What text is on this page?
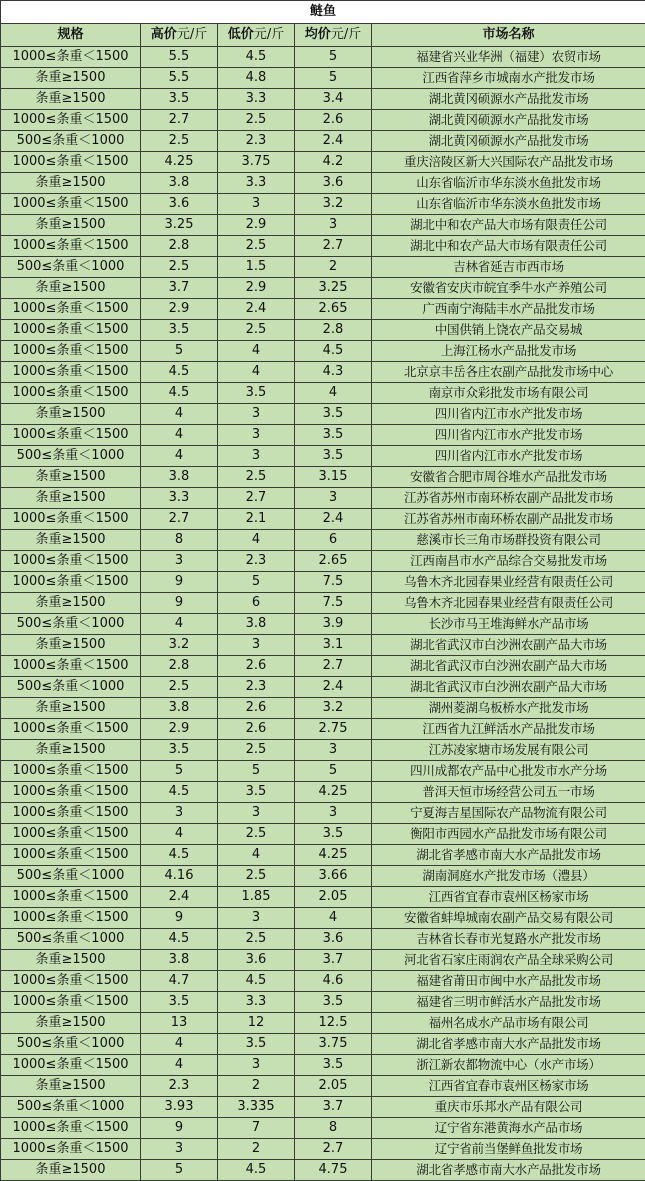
鲢鱼				
规格	高价元/斤	低价元/斤	均价元/斤	市场名称
1000≤条重＜1500	5.5	4.5	5	福建省兴业华洲（福建）农贸市场
条重≥1500	5.5	4.8	5	江西省萍乡市城南水产批发市场
条重≥1500	3.5	3.3	3.4	湖北黄冈硕源水产品批发市场
1000≤条重＜1500	2.7	2.5	2.6	湖北黄冈硕源水产品批发市场
500≤条重＜1000	2.5	2.3	2.4	湖北黄冈硕源水产品批发市场
1000≤条重＜1500	4.25	3.75	4.2	重庆涪陵区新大兴国际农产品批发市场
条重≥1500	3.8	3.3	3.6	山东省临沂市华东淡水鱼批发市场
1000≤条重＜1500	3.6	3	3.2	山东省临沂市华东淡水鱼批发市场
条重≥1500	3.25	2.9	3	湖北中和农产品大市场有限责任公司
1000≤条重＜1500	2.8	2.5	2.7	湖北中和农产品大市场有限责任公司
500≤条重＜1000	2.5	1.5	2	吉林省延吉市西市场
条重≥1500	3.7	2.9	3.25	安徽省安庆市皖宜季牛水产养殖公司
1000≤条重＜1500	2.9	2.4	2.65	广西南宁海陆丰水产品批发市场
1000≤条重＜1500	3.5	2.5	2.8	中国供销上饶农产品交易城
1000≤条重＜1500	5	4	4.5	上海江杨水产品批发市场
1000≤条重＜1500	4.5	4	4.3	北京京丰岳各庄农副产品批发市场中心
1000≤条重＜1500	4.5	3.5	4	南京市众彩批发市场有限公司
条重≥1500	4	3	3.5	四川省内江市水产批发市场
1000≤条重＜1500	4	3	3.5	四川省内江市水产批发市场
500≤条重＜1000	4	3	3.5	四川省内江市水产批发市场
条重≥1500	3.8	2.5	3.15	安徽省合肥市周谷堆水产品批发市场
条重≥1500	3.3	2.7	3	江苏省苏州市南环桥农副产品批发市场
1000≤条重＜1500	2.7	2.1	2.4	江苏省苏州市南环桥农副产品批发市场
条重≥1500	8	4	6	慈溪市长三角市场群投资有限公司
1000≤条重＜1500	3	2.3	2.65	江西南昌市水产品综合交易批发市场
1000≤条重＜1500	9	5	7.5	乌鲁木齐北园春果业经营有限责任公司
条重≥1500	9	6	7.5	乌鲁木齐北园春果业经营有限责任公司
500≤条重＜1000	4	3.8	3.9	长沙市马王堆海鲜水产品市场
条重≥1500	3.2	3	3.1	湖北省武汉市白沙洲农副产品大市场
1000≤条重＜1500	2.8	2.6	2.7	湖北省武汉市白沙洲农副产品大市场
500≤条重＜1000	2.5	2.3	2.4	湖北省武汉市白沙洲农副产品大市场
条重≥1500	3.8	2.6	3.2	湖州菱湖乌板桥水产批发市场
1000≤条重＜1500	2.9	2.6	2.75	江西省九江鲜活水产品批发市场
条重≥1500	3.5	2.5	3	江苏凌家塘市场发展有限公司
1000≤条重＜1500	5	5	5	四川成都农产品中心批发市水产分场
1000≤条重＜1500	4.5	3.5	4.25	普洱天恒市场经营公司五一市场
1000≤条重＜1500	3	3	3	宁夏海吉星国际农产品物流有限公司
1000≤条重＜1500	4	2.5	3.5	衡阳市西园水产品批发市场有限公司
1000≤条重＜1500	4.5	4	4.25	湖北省孝感市南大水产品批发市场
500≤条重＜1000	4.16	2.5	3.66	湖南洞庭水产批发市场（澧县）
1000≤条重＜1500	2.4	1.85	2.05	江西省宜春市袁州区杨家市场
1000≤条重＜1500	9	3	4	安徽省蚌埠城南农副产品交易有限公司
500≤条重＜1000	4.5	2.5	3.6	吉林省长春市光复路水产批发市场
条重≥1500	3.8	3.6	3.7	河北省石家庄雨润农产品全球采购公司
1000≤条重＜1500	4.7	4.5	4.6	福建省莆田市闽中水产品批发市场
1000≤条重＜1500	3.5	3.3	3.5	福建省三明市鲜活水产品批发市场
条重≥1500	13	12	12.5	福州名成水产品市场有限公司
500≤条重＜1000	4	3.5	3.75	湖北省孝感市南大水产品批发市场
1000≤条重＜1500	4	3	3.5	浙江新农都物流中心（水产市场）
条重≥1500	2.3	2	2.05	江西省宜春市袁州区杨家市场
500≤条重＜1000	3.93	3.335	3.7	重庆市乐邦水产品有限公司
1000≤条重＜1500	9	7	8	辽宁省东港黄海水产品市场
1000≤条重＜1500	3	2	2.7	辽宁省前当堡鲜鱼批发市场
条重≥1500	5	4.5	4.75	湖北省孝感市南大水产品批发市场
